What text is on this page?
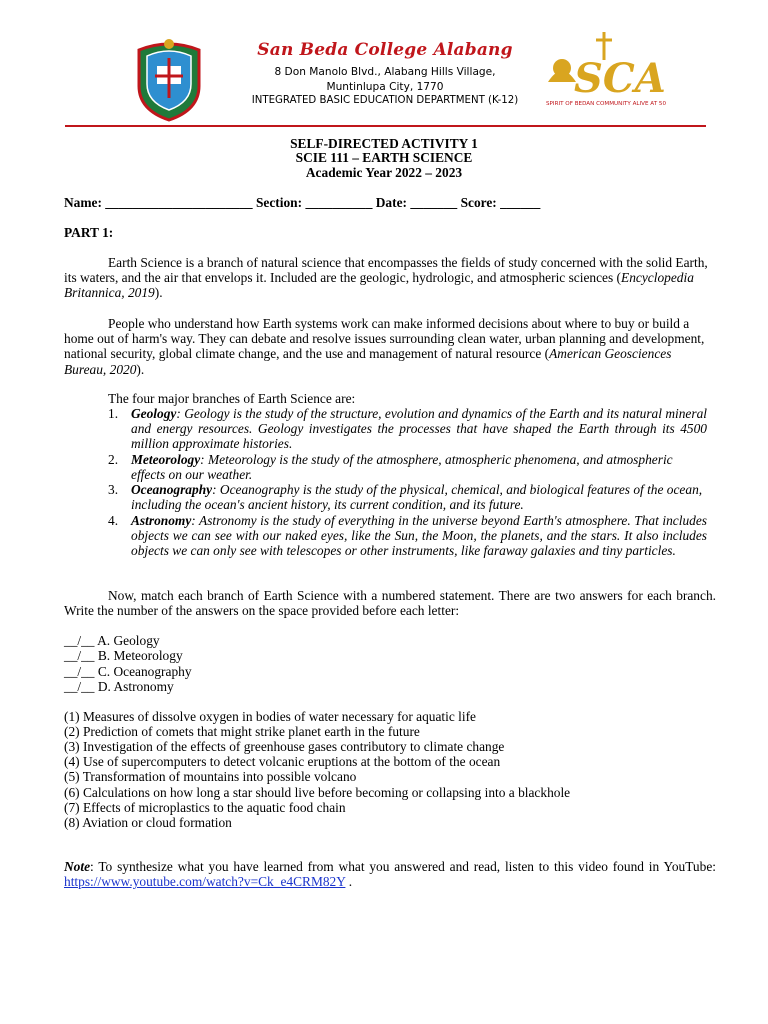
San Beda College Alabang
8 Don Manolo Blvd., Alabang Hills Village,
Muntinlupa City, 1770
INTEGRATED BASIC EDUCATION DEPARTMENT (K-12)	SCA
SPIRIT OF BEDAN COMMUNITY ALIVE AT 50
SELF-DIRECTED ACTIVITY 1
SCIE 111 – EARTH SCIENCE
Academic Year 2022 – 2023
Name: ______________________ Section: __________ Date: _______ Score: ______
PART 1:
Earth Science is a branch of natural science that encompasses the fields of study concerned with the solid Earth, its waters, and the air that envelops it. Included are the geologic, hydrologic, and atmospheric sciences (Encyclopedia Britannica, 2019).
People who understand how Earth systems work can make informed decisions about where to buy or build a home out of harm's way. They can debate and resolve issues surrounding clean water, urban planning and development, national security, global climate change, and the use and management of natural resource (American Geosciences Bureau, 2020).
The four major branches of Earth Science are:
1. Geology: Geology is the study of the structure, evolution and dynamics of the Earth and its natural mineral and energy resources. Geology investigates the processes that have shaped the Earth through its 4500 million approximate histories.
2. Meteorology: Meteorology is the study of the atmosphere, atmospheric phenomena, and atmospheric effects on our weather.
3. Oceanography: Oceanography is the study of the physical, chemical, and biological features of the ocean, including the ocean's ancient history, its current condition, and its future.
4. Astronomy: Astronomy is the study of everything in the universe beyond Earth's atmosphere. That includes objects we can see with our naked eyes, like the Sun, the Moon, the planets, and the stars. It also includes objects we can only see with telescopes or other instruments, like faraway galaxies and tiny particles.
Now, match each branch of Earth Science with a numbered statement. There are two answers for each branch. Write the number of the answers on the space provided before each letter:
__/__ A. Geology
__/__ B. Meteorology
__/__ C. Oceanography
__/__ D. Astronomy
(1) Measures of dissolve oxygen in bodies of water necessary for aquatic life
(2) Prediction of comets that might strike planet earth in the future
(3) Investigation of the effects of greenhouse gases contributory to climate change
(4) Use of supercomputers to detect volcanic eruptions at the bottom of the ocean
(5) Transformation of mountains into possible volcano
(6) Calculations on how long a star should live before becoming or collapsing into a blackhole
(7) Effects of microplastics to the aquatic food chain
(8) Aviation or cloud formation
Note: To synthesize what you have learned from what you answered and read, listen to this video found in YouTube: https://www.youtube.com/watch?v=Ck_e4CRM82Y .
